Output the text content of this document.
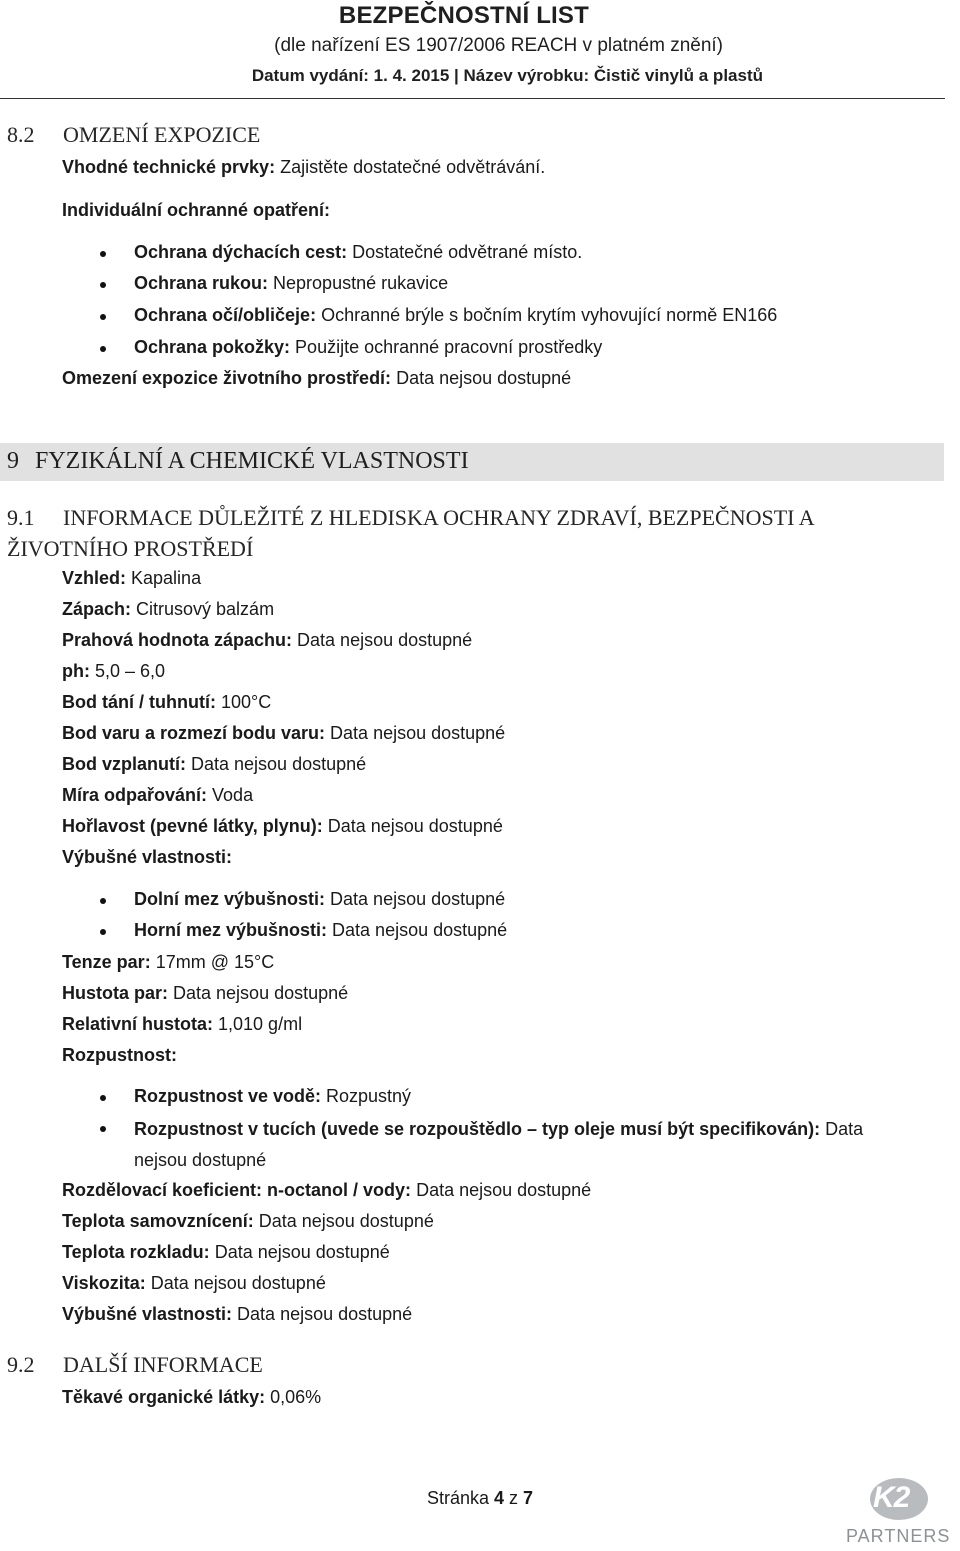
BEZPEČNOSTNÍ LIST
(dle nařízení ES 1907/2006 REACH v platném znění)
Datum vydání: 1. 4. 2015 | Název výrobku: Čistič vinylů a plastů
8.2 OMZENÍ EXPOZICE
Vhodné technické prvky: Zajistěte dostatečné odvětrávání.
Individuální ochranné opatření:
Ochrana dýchacích cest: Dostatečné odvětrané místo.
Ochrana rukou: Nepropustné rukavice
Ochrana očí/obličeje: Ochranné brýle s bočním krytím vyhovující normě EN166
Ochrana pokožky: Použijte ochranné pracovní prostředky
Omezení expozice životního prostředí: Data nejsou dostupné
9 FYZIKÁLNÍ A CHEMICKÉ VLASTNOSTI
9.1 INFORMACE DŮLEŽITÉ Z HLEDISKA OCHRANY ZDRAVÍ, BEZPEČNOSTI A ŽIVOTNÍHO PROSTŘEDÍ
Vzhled: Kapalina
Zápach: Citrusový balzám
Prahová hodnota zápachu: Data nejsou dostupné
ph: 5,0 – 6,0
Bod tání / tuhnutí: 100°C
Bod varu a rozmezí bodu varu: Data nejsou dostupné
Bod vzplanutí: Data nejsou dostupné
Míra odpařování: Voda
Hořlavost (pevné látky, plynu): Data nejsou dostupné
Výbušné vlastnosti:
Dolní mez výbušnosti: Data nejsou dostupné
Horní mez výbušnosti: Data nejsou dostupné
Tenze par: 17mm @ 15°C
Hustota par: Data nejsou dostupné
Relativní hustota: 1,010 g/ml
Rozpustnost:
Rozpustnost ve vodě: Rozpustný
Rozpustnost v tucích (uvede se rozpouštědlo – typ oleje musí být specifikován): Data nejsou dostupné
Rozdělovací koeficient: n-octanol / vody: Data nejsou dostupné
Teplota samovznícení: Data nejsou dostupné
Teplota rozkladu: Data nejsou dostupné
Viskozita: Data nejsou dostupné
Výbušné vlastnosti: Data nejsou dostupné
9.2 DALŠÍ INFORMACE
Těkavé organické látky: 0,06%
Stránka 4 z 7	K2
PARTNERS
